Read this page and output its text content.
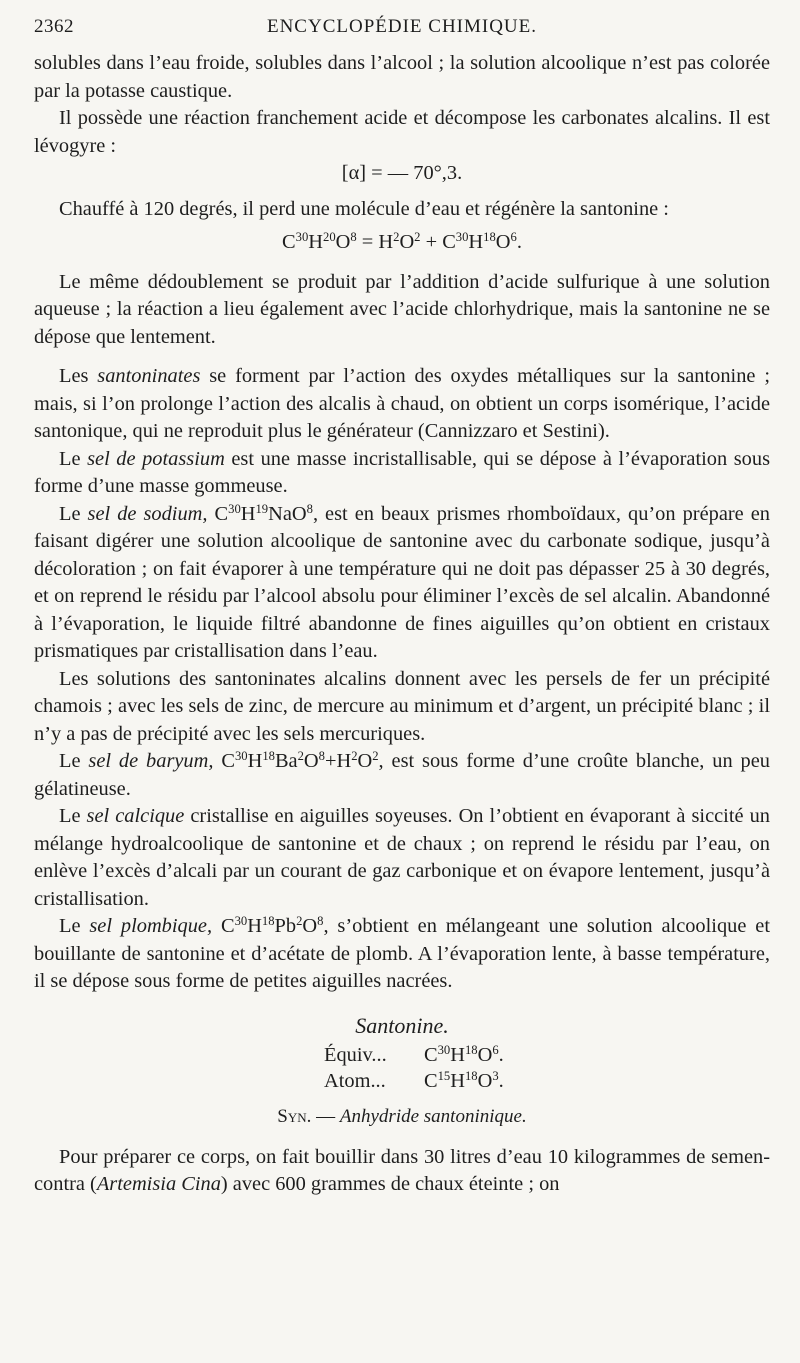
2362	ENCYCLOPÉDIE CHIMIQUE.

solubles dans l’eau froide, solubles dans l’alcool ; la solution alcoolique n’est pas colorée par la potasse caustique.

Il possède une réaction franchement acide et décompose les carbonates alcalins. Il est lévogyre :

[α] = — 70°,3.

Chauffé à 120 degrés, il perd une molécule d’eau et régénère la santonine :

$C^{30}H^{20}O^8 = H^2O^2 + C^{30}H^{18}O^6$.

Le même dédoublement se produit par l’addition d’acide sulfurique à une solution aqueuse ; la réaction a lieu également avec l’acide chlorhydrique, mais la santonine ne se dépose que lentement.

Les santoninates se forment par l’action des oxydes métalliques sur la santonine ; mais, si l’on prolonge l’action des alcalis à chaud, on obtient un corps isomérique, l’acide santonique, qui ne reproduit plus le générateur (Cannizzaro et Sestini).

Le sel de potassium est une masse incristallisable, qui se dépose à l’évaporation sous forme d’une masse gommeuse.

Le sel de sodium, $C^{30}H^{19}NaO^8$, est en beaux prismes rhomboïdaux, qu’on prépare en faisant digérer une solution alcoolique de santonine avec du carbonate sodique, jusqu’à décoloration ; on fait évaporer à une température qui ne doit pas dépasser 25 à 30 degrés, et on reprend le résidu par l’alcool absolu pour éliminer l’excès de sel alcalin. Abandonné à l’évaporation, le liquide filtré abandonne de fines aiguilles qu’on obtient en cristaux prismatiques par cristallisation dans l’eau.

Les solutions des santoninates alcalins donnent avec les persels de fer un précipité chamois ; avec les sels de zinc, de mercure au minimum et d’argent, un précipité blanc ; il n’y a pas de précipité avec les sels mercuriques.

Le sel de baryum, $C^{30}H^{18}Ba^2O^8+H^2O^2$, est sous forme d’une croûte blanche, un peu gélatineuse.

Le sel calcique cristallise en aiguilles soyeuses. On l’obtient en évaporant à siccité un mélange hydroalcoolique de santonine et de chaux ; on reprend le résidu par l’eau, on enlève l’excès d’alcali par un courant de gaz carbonique et on évapore lentement, jusqu’à cristallisation.

Le sel plombique, $C^{30}H^{18}Pb^2O^8$, s’obtient en mélangeant une solution alcoolique et bouillante de santonine et d’acétate de plomb. A l’évaporation lente, à basse température, il se dépose sous forme de petites aiguilles nacrées.

Santonine.
Équiv... $C^{30}H^{18}O^6$.
Atom... $C^{15}H^{18}O^3$.
Syn. — Anhydride santoninique.

Pour préparer ce corps, on fait bouillir dans 30 litres d’eau 10 kilogrammes de semen-contra (Artemisia Cina) avec 600 grammes de chaux éteinte ; on
